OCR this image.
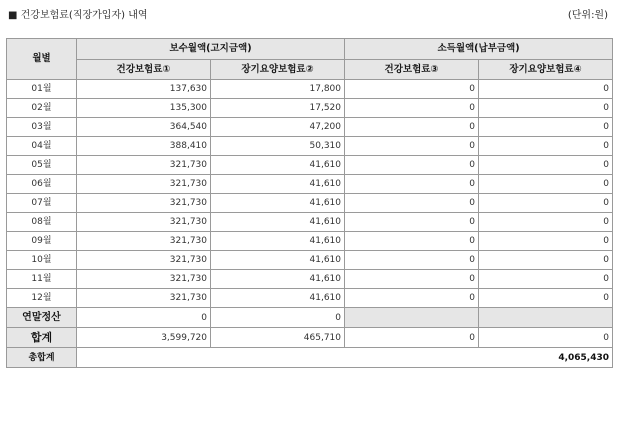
■ 건강보험료(직장가입자) 내역	(단위:원)
월별	보수월액(고지금액)		소득월액(납부금액)	
	건강보험료①	장기요양보험료②	건강보험료③	장기요양보험료④
01월	137,630	17,800	0	0
02월	135,300	17,520	0	0
03월	364,540	47,200	0	0
04월	388,410	50,310	0	0
05월	321,730	41,610	0	0
06월	321,730	41,610	0	0
07월	321,730	41,610	0	0
08월	321,730	41,610	0	0
09월	321,730	41,610	0	0
10월	321,730	41,610	0	0
11월	321,730	41,610	0	0
12월	321,730	41,610	0	0
연말정산	0	0		
합계	3,599,720	465,710	0	0
총합계	4,065,430			
